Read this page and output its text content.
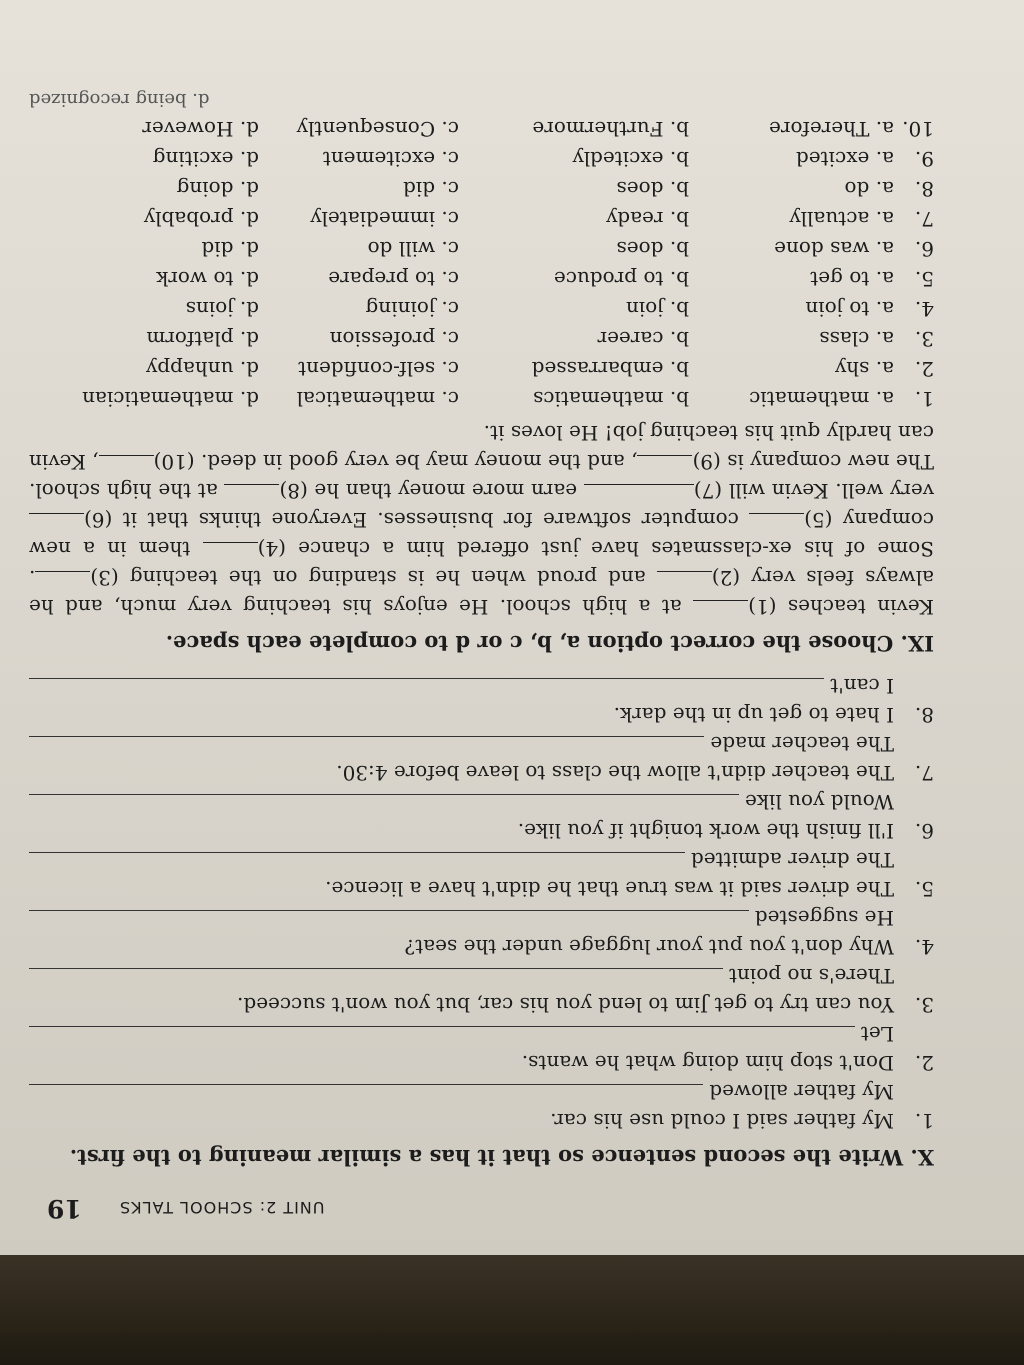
UNIT 2: SCHOOL TALKS
19
X. Write the second sentence so that it has a similar meaning to the first.
1.
My father said I could use his car.
My father allowed
2.
Don't stop him doing what he wants.
Let
3.
You can try to get Jim to lend you his car, but you won't succeed.
There's no point
4.
Why don't you put your luggage under the seat?
He suggested
5.
The driver said it was true that he didn't have a licence.
The driver admitted
6.
I'll finish the work tonight if you like.
Would you like
7.
The teacher didn't allow the class to leave before 4:30.
The teacher made
8.
I hate to get up in the dark.
I can't
IX. Choose the correct option a, b, c or d to complete each space.

Kevin teaches (1) at a high school. He enjoys his teaching very much, and he always feels very (2) and proud when he is standing on the teaching (3). Some of his ex-classmates have just offered him a chance (4) them in a new company (5) computer software for businesses. Everyone thinks that it (6) very well. Kevin will (7) earn more money than he (8) at the high school. The new company is (9), and the money may be very good in deed. (10), Kevin can hardly quit his teaching job! He loves it.

1.
a. mathematic
b. mathematics
c. mathematical
d. mathematician
2.
a. shy
b. embarrassed
c. self-confident
d. unhappy
3.
a. class
b. career
c. profession
d. platform
4.
a. to join
b. join
c. joining
d. joins
5.
a. to get
b. to produce
c. to prepare
d. to work
6.
a. was done
b. does
c. will do
d. did
7.
a. actually
b. ready
c. immediately
d. probably
8.
a. do
b. does
c. did
d. doing
9.
a. excited
b. excitedly
c. excitement
d. exciting
10.
a. Therefore
b. Furthermore
c. Consequently
d. However
d. being recognized
